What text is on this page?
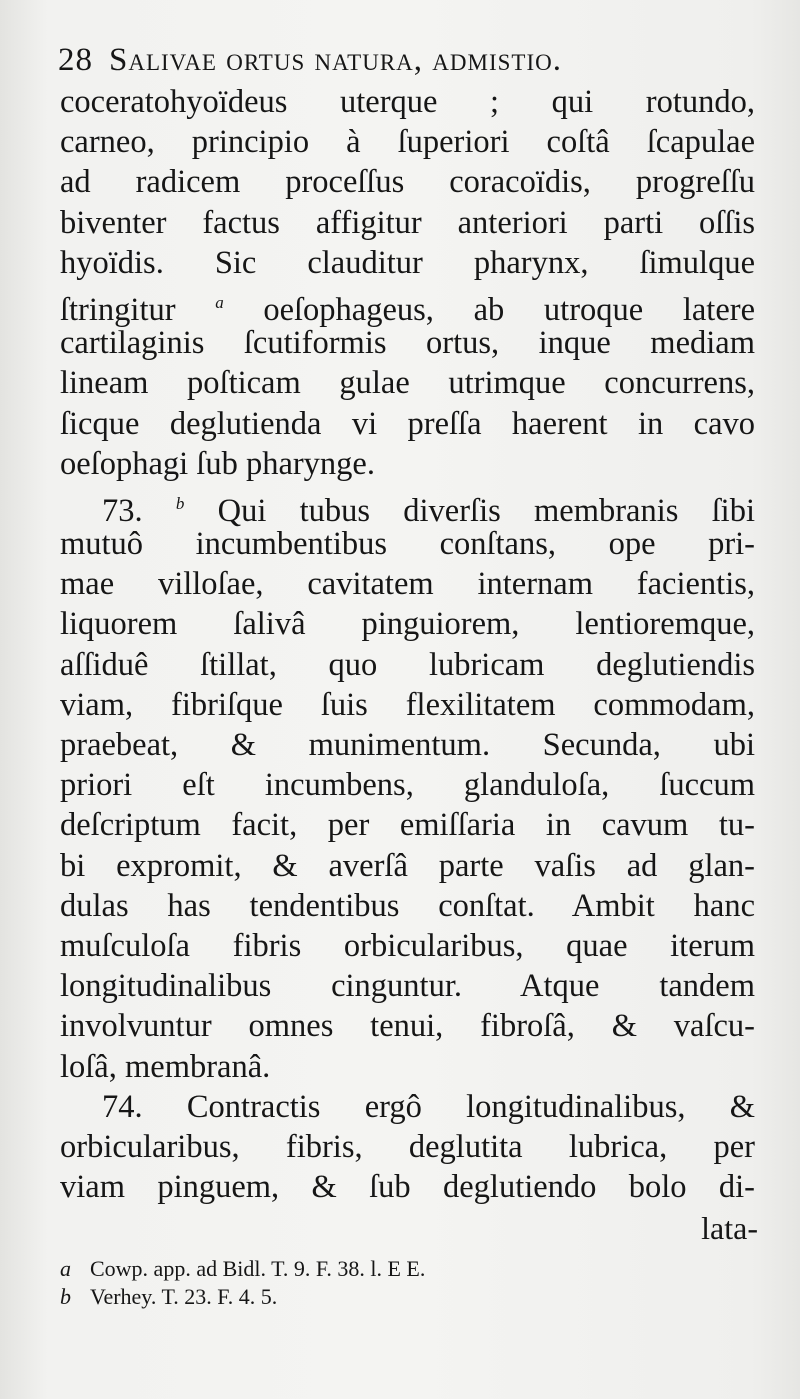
28 Salivae ortus natura, admistio.
coceratohyoïdeus uterque ; qui rotundo,
carneo, principio à ſuperiori coſtâ ſcapulae
ad radicem proceſſus coracoïdis, progreſſu
biventer factus affigitur anteriori parti oſſis
hyoïdis. Sic clauditur pharynx, ſimulque
ſtringitur $^a$ oeſophageus, ab utroque latere
cartilaginis ſcutiformis ortus, inque mediam
lineam poſticam gulae utrimque concurrens,
ſicque deglutienda vi preſſa haerent in cavo
oeſophagi ſub pharynge.
73. $^b$ Qui tubus diverſis membranis ſibi
mutuô incumbentibus conſtans, ope pri-
mae villoſae, cavitatem internam facientis,
liquorem ſalivâ pinguiorem, lentioremque,
aſſiduê ſtillat, quo lubricam deglutiendis
viam, fibriſque ſuis flexilitatem commodam,
praebeat, & munimentum. Secunda, ubi
priori eſt incumbens, glanduloſa, ſuccum
deſcriptum facit, per emiſſaria in cavum tu-
bi expromit, & averſâ parte vaſis ad glan-
dulas has tendentibus conſtat. Ambit hanc
muſculoſa fibris orbicularibus, quae iterum
longitudinalibus cinguntur. Atque tandem
involvuntur omnes tenui, fibroſâ, & vaſcu-
loſâ, membranâ.
74. Contractis ergô longitudinalibus, &
orbicularibus, fibris, deglutita lubrica, per
viam pinguem, & ſub deglutiendo bolo di-
lata-
a Cowp. app. ad Bidl. T. 9. F. 38. l. E E.
b Verhey. T. 23. F. 4. 5.
